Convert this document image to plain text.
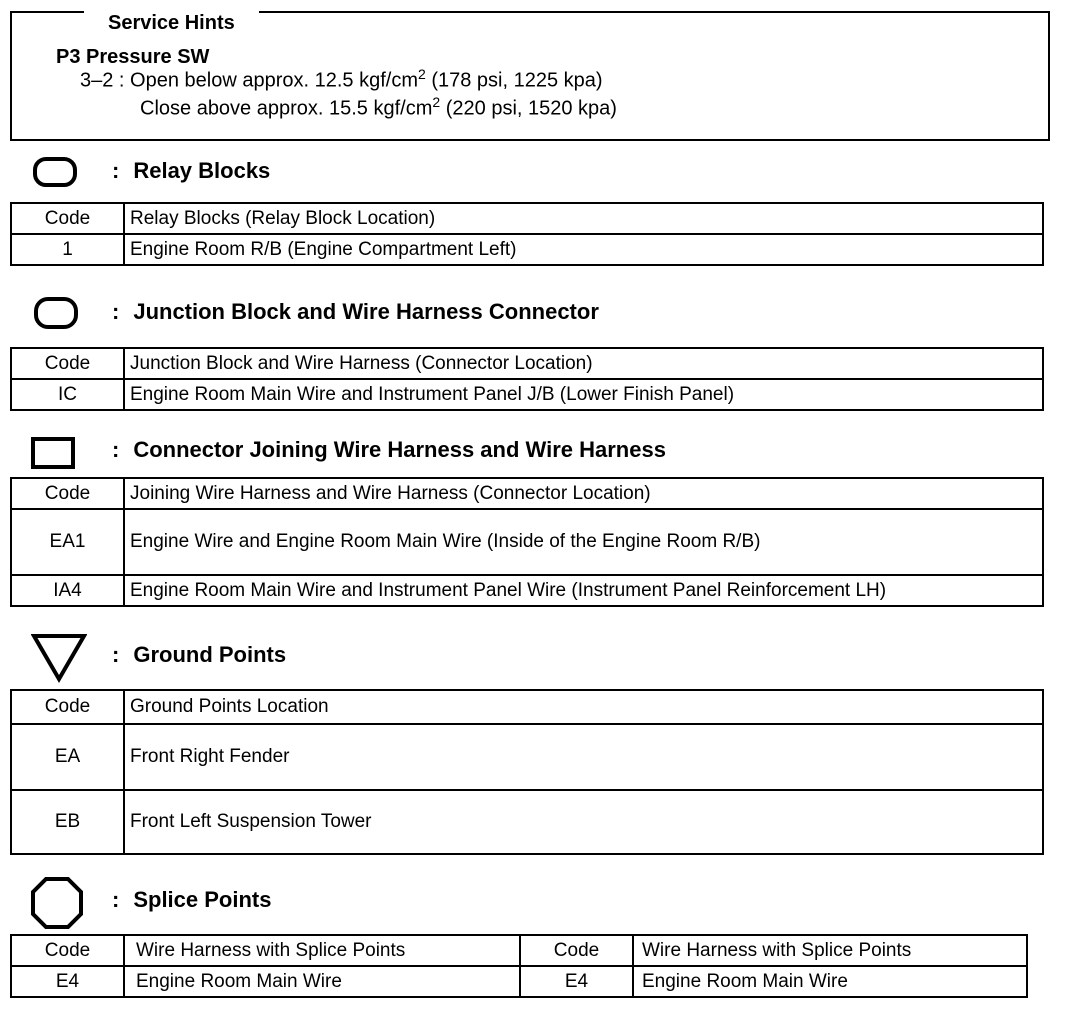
Service Hints
P3 Pressure SW
3–2 : Open below approx. 12.5 kgf/$cm^2$ (178 psi, 1225 kpa)
Close above approx. 15.5 kgf/$cm^2$ (220 psi, 1520 kpa)
: Relay Blocks
Code	Relay Blocks (Relay Block Location)
1	Engine Room R/B (Engine Compartment Left)
: Junction Block and Wire Harness Connector
Code	Junction Block and Wire Harness (Connector Location)
IC	Engine Room Main Wire and Instrument Panel J/B (Lower Finish Panel)
: Connector Joining Wire Harness and Wire Harness
Code	Joining Wire Harness and Wire Harness (Connector Location)
EA1	Engine Wire and Engine Room Main Wire (Inside of the Engine Room R/B)
IA4	Engine Room Main Wire and Instrument Panel Wire (Instrument Panel Reinforcement LH)
: Ground Points
Code	Ground Points Location
EA	Front Right Fender
EB	Front Left Suspension Tower
: Splice Points
Code	Wire Harness with Splice Points	Code	Wire Harness with Splice Points
E4	Engine Room Main Wire	E4	Engine Room Main Wire
